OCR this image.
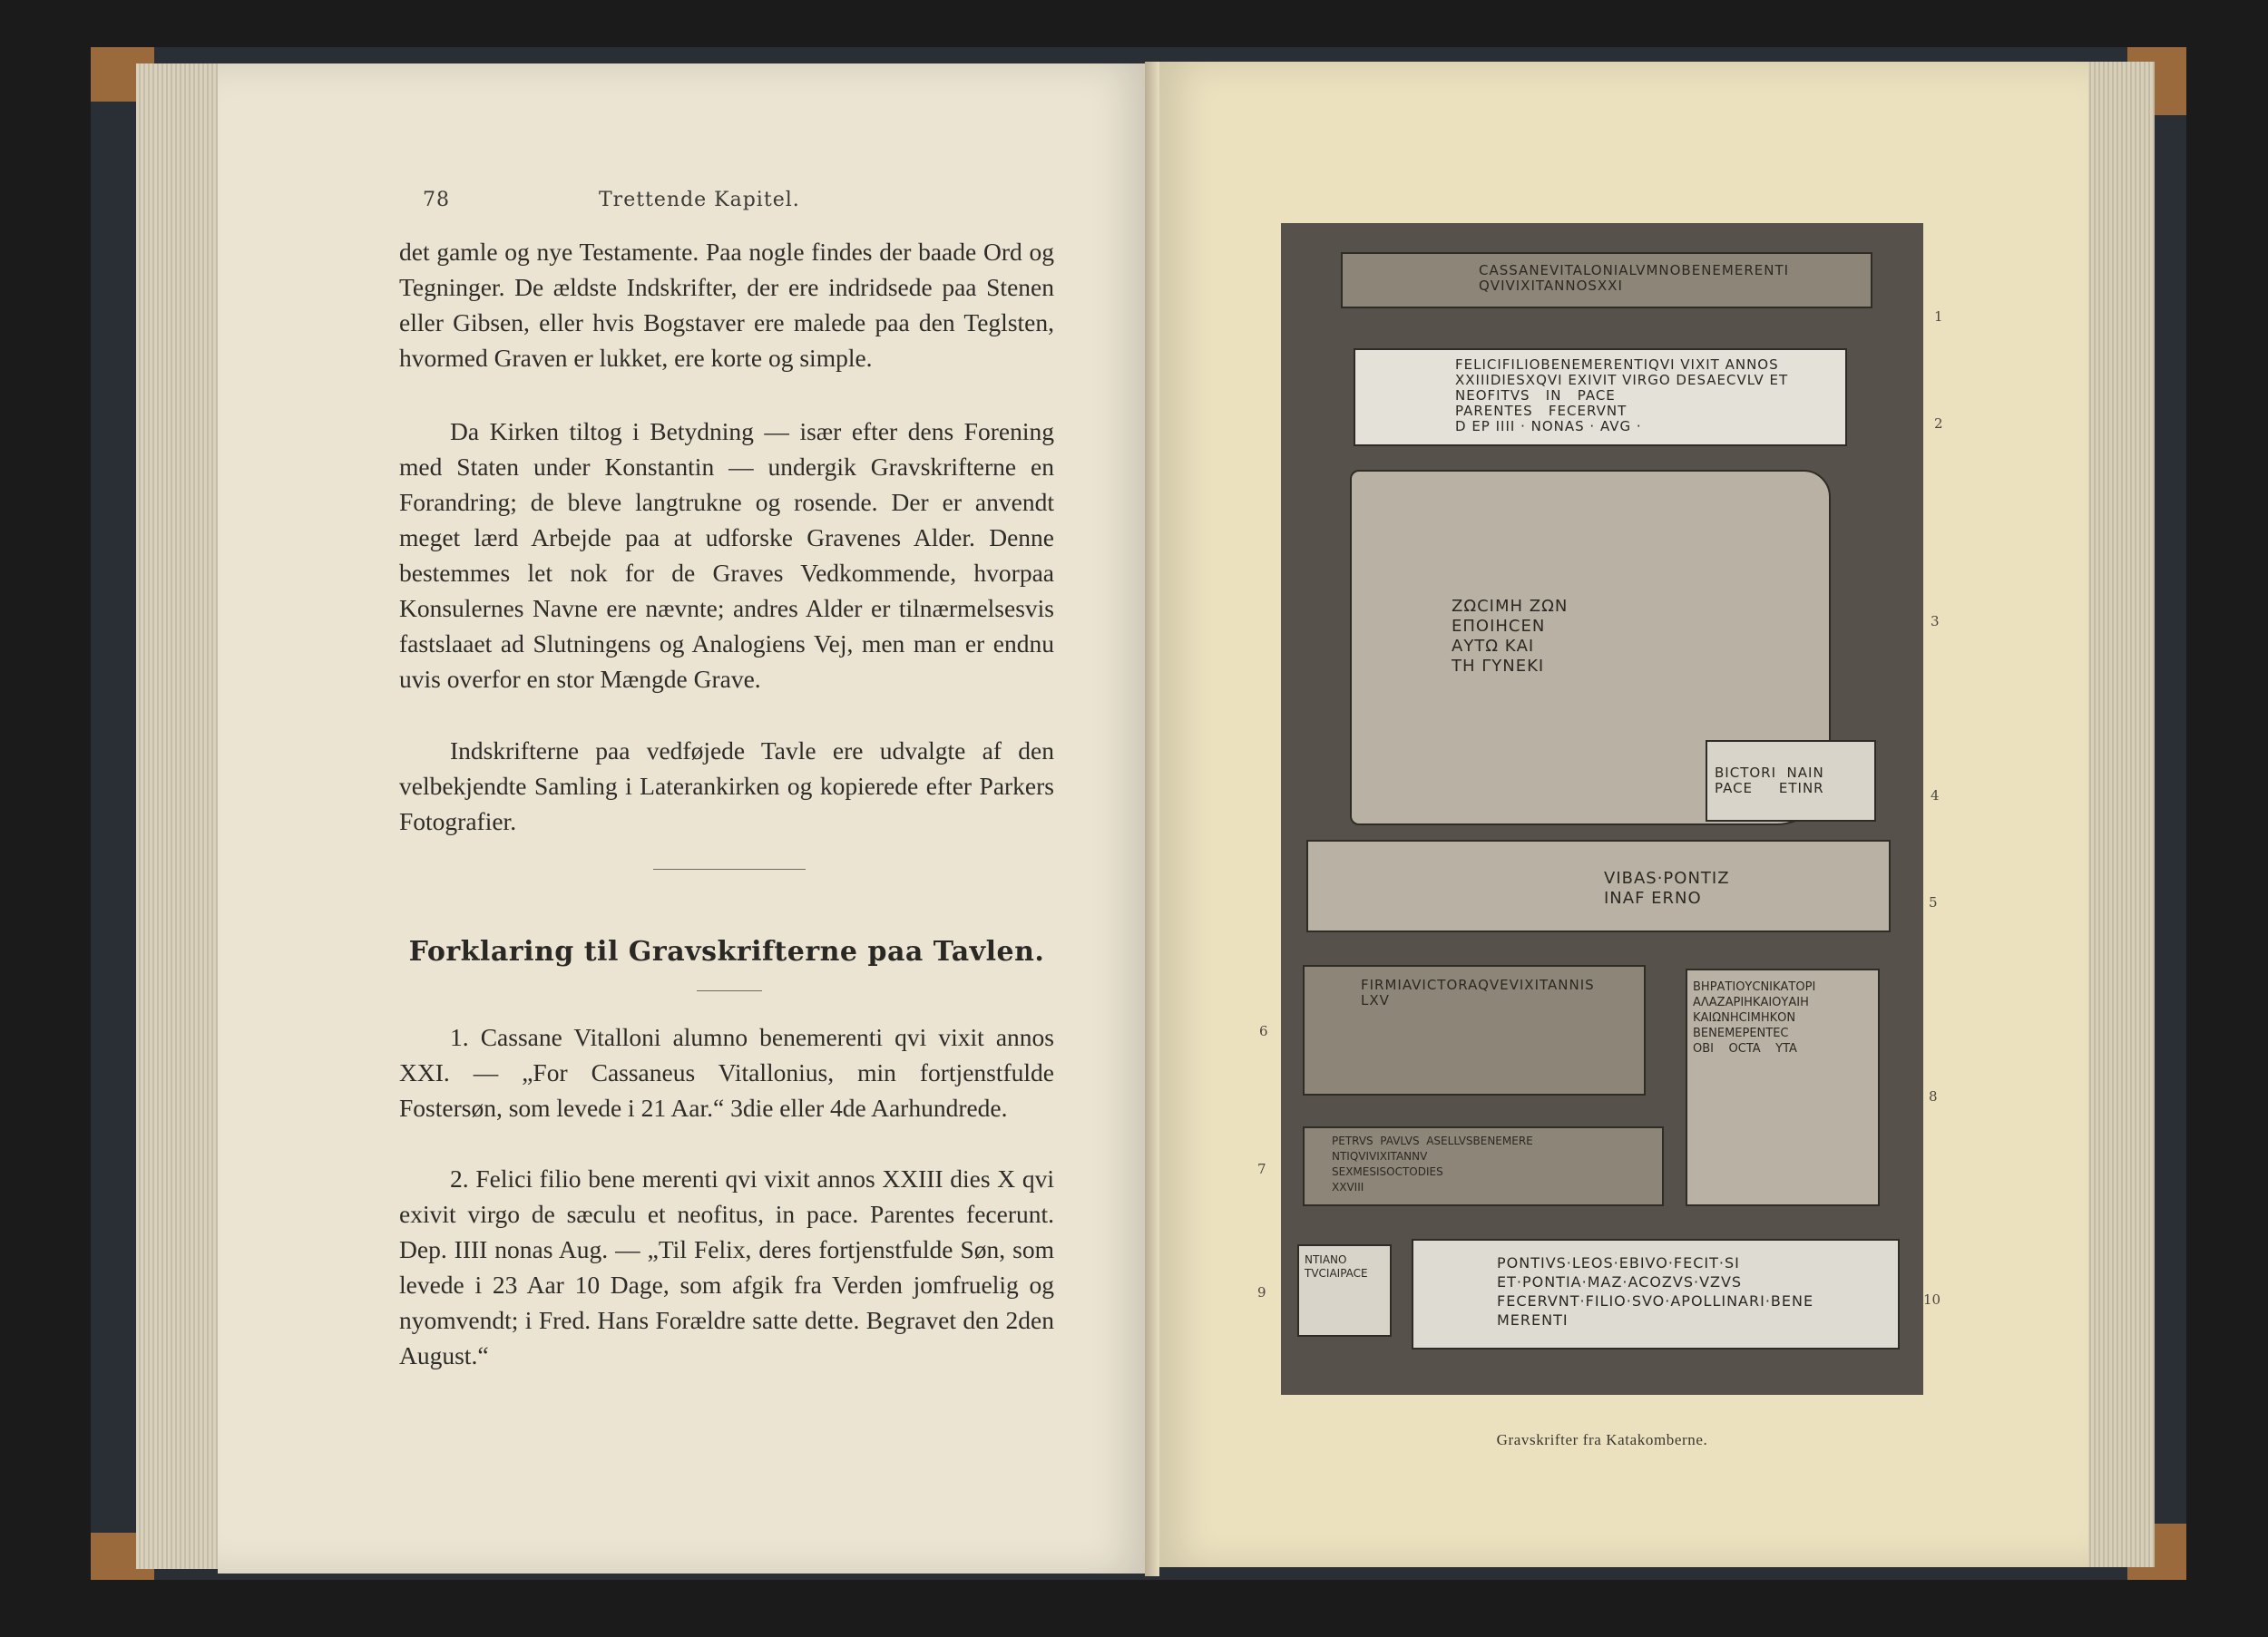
78	Trettende Kapitel.

det gamle og nye Testamente. Paa nogle findes der baade Ord og Tegninger. De ældste Indskrifter, der ere indridsede paa Stenen eller Gibsen, eller hvis Bogstaver ere malede paa den Teglsten, hvormed Graven er lukket, ere korte og simple.

Da Kirken tiltog i Betydning — især efter dens Forening med Staten under Konstantin — undergik Gravskrifterne en Forandring; de bleve langtrukne og rosende. Der er anvendt meget lærd Arbejde paa at udforske Gravenes Alder. Denne bestemmes let nok for de Graves Vedkommende, hvorpaa Konsulernes Navne ere nævnte; andres Alder er tilnærmelsesvis fastslaaet ad Slutningens og Analogiens Vej, men man er endnu uvis overfor en stor Mængde Grave.

Indskrifterne paa vedføjede Tavle ere udvalgte af den velbekjendte Samling i Laterankirken og kopierede efter Parkers Fotografier.

Forklaring til Gravskrifterne paa Tavlen.

1. Cassane Vitalloni alumno benemerenti qvi vixit annos XXI. — „For Cassaneus Vitallonius, min fortjenstfulde Fostersøn, som levede i 21 Aar.“ 3die eller 4de Aarhundrede.

2. Felici filio bene merenti qvi vixit annos XXIII dies X qvi exivit virgo de sæculu et neofitus, in pace. Parentes fecerunt. Dep. IIII nonas Aug. — „Til Felix, deres fortjenstfulde Søn, som levede i 23 Aar 10 Dage, som afgik fra Verden jomfruelig og nyomvendt; i Fred. Hans Forældre satte dette. Begravet den 2den August.“

CASSANEVITALONIALVMNOBENEMERENTI
QVIVIXITANNOSXXI
FELICIFILIOBENEMERENTIQVI VIXIT ANNOS
XXIIIDIESXQVI EXIVIT VIRGO DESAECVLV ET
NEOFITVS   IN   PACE
PARENTES   FECERVNT
D EP IIII · NONAS · AVG ·
ΖΩCIMH ΖΩΝ
ΕΠΟΙΗCΕΝ
ΑΥΤΩ ΚΑΙ
ΤΗ ΓΥΝΕΚΙ
BICTORI  NAIN
PACE     ETINR
VIBAS·PONTIZ
INAF ERNO
FIRMIAVICTORAQVEVIXITANNIS
LXV
ΒΗΡΑΤΙΟΥCΝΙΚΑΤΟΡΙ
ΑΛΑΖΑΡΙΗΚΑΙΟΥΑΙΗ
ΚΑΙΩΝΗCΙΜΗΚΟΝ
ΒΕΝΕΜΕΡΕΝΤΕC
OBI    OCTA    YTA
PETRVS  PAVLVS  ASELLVSBENEMERE
NTIQVIVIXITANNV
SEXMESISOCTODIES
XXVIII
NTIANO
TVCIAIPACE
PONTIVS·LEOS·EBIVO·FECIT·SI
ET·PONTIA·MAZ·ACOZVS·VZVS
FECERVNT·FILIO·SVO·APOLLINARI·BENE
MERENTI
1
2
3
4
5
6
7
8
9	10
Gravskrifter fra Katakomberne.
